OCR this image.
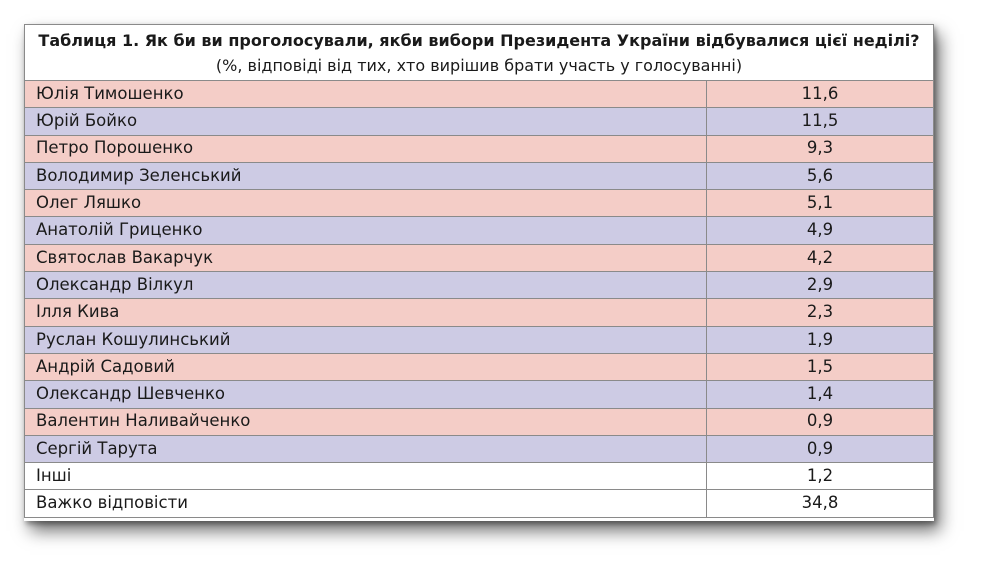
Таблиця 1. Як би ви проголосували, якби вибори Президента України відбувалися цієї неділі? (%, відповіді від тих, хто вирішив брати участь у голосуванні)	
Юлія Тимошенко	11,6
Юрій Бойко	11,5
Петро Порошенко	9,3
Володимир Зеленський	5,6
Олег Ляшко	5,1
Анатолій Гриценко	4,9
Святослав Вакарчук	4,2
Олександр Вілкул	2,9
Ілля Кива	2,3
Руслан Кошулинський	1,9
Андрій Садовий	1,5
Олександр Шевченко	1,4
Валентин Наливайченко	0,9
Сергій Тарута	0,9
Інші	1,2
Важко відповісти	34,8
